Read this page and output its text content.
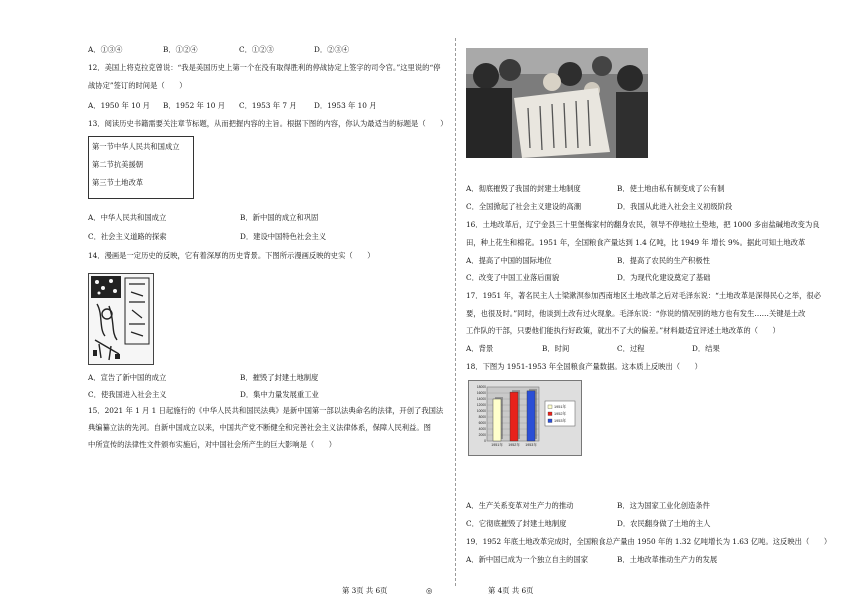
A．①③④	B．①②④	C．①②③	D．②③④
12．美国上将克拉克曾说：“我是美国历史上第一个在没有取得胜利的停战协定上签字的司令官。”这里说的“停
战协定”签订的时间是（　　）
A．1950 年 10 月 B．1952 年 10 月 C．1953 年 7 月 D．1953 年 10 月
13．阅读历史书籍需要关注章节标题，从而把握内容的主旨。根据下图的内容，你认为最适当的标题是（　　）
第一节中华人民共和国成立
第二节抗美援朝
第三节土地改革
A．中华人民共和国成立	B．新中国的成立和巩固
C．社会主义道路的探索	D．建设中国特色社会主义
14．漫画是一定历史的反映，它有着深厚的历史背景。下图所示漫画反映的史实（　　）
A．宣告了新中国的成立	B．摧毁了封建土地制度
C．使我国进入社会主义	D．集中力量发展重工业
15．2021 年 1 月 1 日起施行的《中华人民共和国民法典》是新中国第一部以法典命名的法律，开创了我国法
典编纂立法的先河。自新中国成立以来，中国共产党不断健全和完善社会主义法律体系，保障人民利益。图
中所宣传的法律性文件颁布实施后，对中国社会所产生的巨大影响是（　　）
第 3页 共 6页	◎
A．彻底摧毁了我国的封建土地制度	B．使土地由私有制变成了公有制
C．全国掀起了社会主义建设的高潮	D．我国从此进入社会主义初级阶段
16．土地改革后，辽宁金县三十里堡梅家村的翻身农民，领导不停地拉土垫地，把 1000 多亩盐碱地改变为良
田，种上花生和棉花。1951 年，全国粮食产量达到 1.4 亿吨，比 1949 年 增长 9%。据此可知土地改革
A．提高了中国的国际地位	B．提高了农民的生产积极性
C．改变了中国工业落后面貌	D．为现代化建设奠定了基础
17．1951 年，著名民主人士梁漱溟参加西南地区土地改革之后对毛泽东说：“土地改革是深得民心之举，很必
要，也很及时。”同时，他谈到土改有过火现象。毛泽东说：“你说的情况别的地方也有发生……关键是土改
工作队的干部，只要他们能执行好政策，就出不了大的偏差。”材料最适宜评述土地改革的（　　）
A．背景	B．时间	C．过程	D．结果
18．下图为 1951-1953 年全国粮食产量数据。这本质上反映出（　　）
0
2000
4000
6000
8000
10000
12000
14000
16000
18000
1951年 1952年 1953年
1951年
1952年
1953年
A．生产关系变革对生产力的推动	B．这为国家工业化创造条件
C．它彻底摧毁了封建土地制度	D．农民翻身做了土地的主人
19．1952 年底土地改革完成时，全国粮食总产量由 1950 年的 1.32 亿吨增长为 1.63 亿吨。这反映出（　　）
A．新中国已成为一个独立自主的国家	B．土地改革推动生产力的发展
第 4页 共 6页
